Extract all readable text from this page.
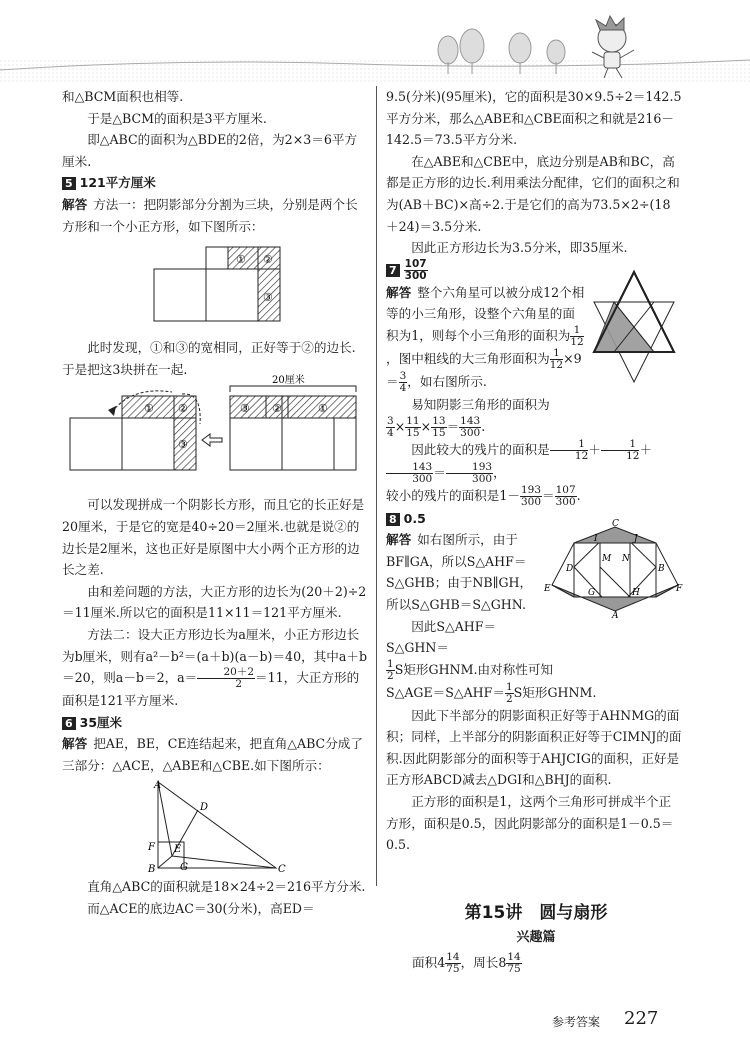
和△BCM面积也相等.

于是△BCM的面积是3平方厘米.

即△ABC的面积为△BDE的2倍，为2×3＝6平方厘米.

5 121平方厘米

解答 方法一：把阴影部分分割为三块，分别是两个长方形和一个小正方形，如下图所示：

① ②
③

此时发现，①和③的宽相同，正好等于②的边长.于是把这3块拼在一起.

① ②
③
③ ②	①
20厘米

可以发现拼成一个阴影长方形，而且它的长正好是20厘米，于是它的宽是40÷20＝2厘米.也就是说②的边长是2厘米，这也正好是原图中大小两个正方形的边长之差.

由和差问题的方法，大正方形的边长为(20＋2)÷2＝11厘米.所以它的面积是11×11＝121平方厘米.

方法二：设大正方形边长为a厘米，小正方形边长为b厘米，则有a²－b²＝(a＋b)(a－b)＝40，其中a＋b＝20，则a－b＝2，$a= \frac{20+2}{2} =11$，大正方形的面积是121平方厘米.

6 35厘米

解答 把AE，BE，CE连结起来，把直角△ABC分成了三部分：△ACE，△ABE和△CBE.如下图所示：

A
B	C
D
E
F
G

直角△ABC的面积就是18×24÷2＝216平方分米.

而△ACE的底边AC＝30(分米)，高ED＝

9.5(分米)(95厘米)，它的面积是30×9.5÷2＝142.5平方分米，那么△ABE和△CBE面积之和就是216－142.5＝73.5平方分米.

在△ABE和△CBE中，底边分别是AB和BC，高都是正方形的边长.利用乘法分配律，它们的面积之和为(AB＋BC)×高÷2.于是它们的高为73.5×2÷(18＋24)＝3.5分米.

因此正方形边长为3.5分米，即35厘米.

$7 \frac{107}{300}$

解答 整个六角星可以被分成12个相等的小三角形，设整个六角星的面积为1，则每个小三角形的面积为 $\frac{1}{12}$
，图中粗线的大三角形面积为 $\frac{1}{12} \times 9= \frac{3}{4}$ ，如右图所示.

易知阴影三角形的面积为

$\frac{3}{4} \times \frac{11}{15} \times \frac{13}{15} = \frac{143}{300}$ .

因此较大的残片的面积是 $\frac{1}{12} + \frac{1}{12}$ ＋
$\frac{143}{300} = \frac{193}{300}$ ，

较小的残片的面积是$1- \frac{193}{300} = \frac{107}{300}$ .

8 0.5	C
B
D
A
E	F
M N
G	H
I	J

解答 如右图所示，由于BF∥GA，所以S△AHF＝S△GHB；由于NB∥GH，所以S△GHB＝S△GHN.

因此S△AHF＝S△GHN＝

$\frac{1}{2}$ S矩形GHNM.由对称性可知

S△AGE＝S△AHF＝ $\frac{1}{2}$ S矩形GHNM.

因此下半部分的阴影面积正好等于AHNMG的面积；同样，上半部分的阴影面积正好等于CIMNJ的面积.因此阴影部分的面积等于AHJCIG的面积，正好是正方形ABCD减去△DGI和△BHJ的面积.

正方形的面积是1，这两个三角形可拼成半个正方形，面积是0.5，因此阴影部分的面积是1－0.5＝0.5.

第15讲　圆与扇形
兴趣篇
面积$4 \frac{14}{75}$ ，周长$8 \frac{14}{75}$
参考答案 227
